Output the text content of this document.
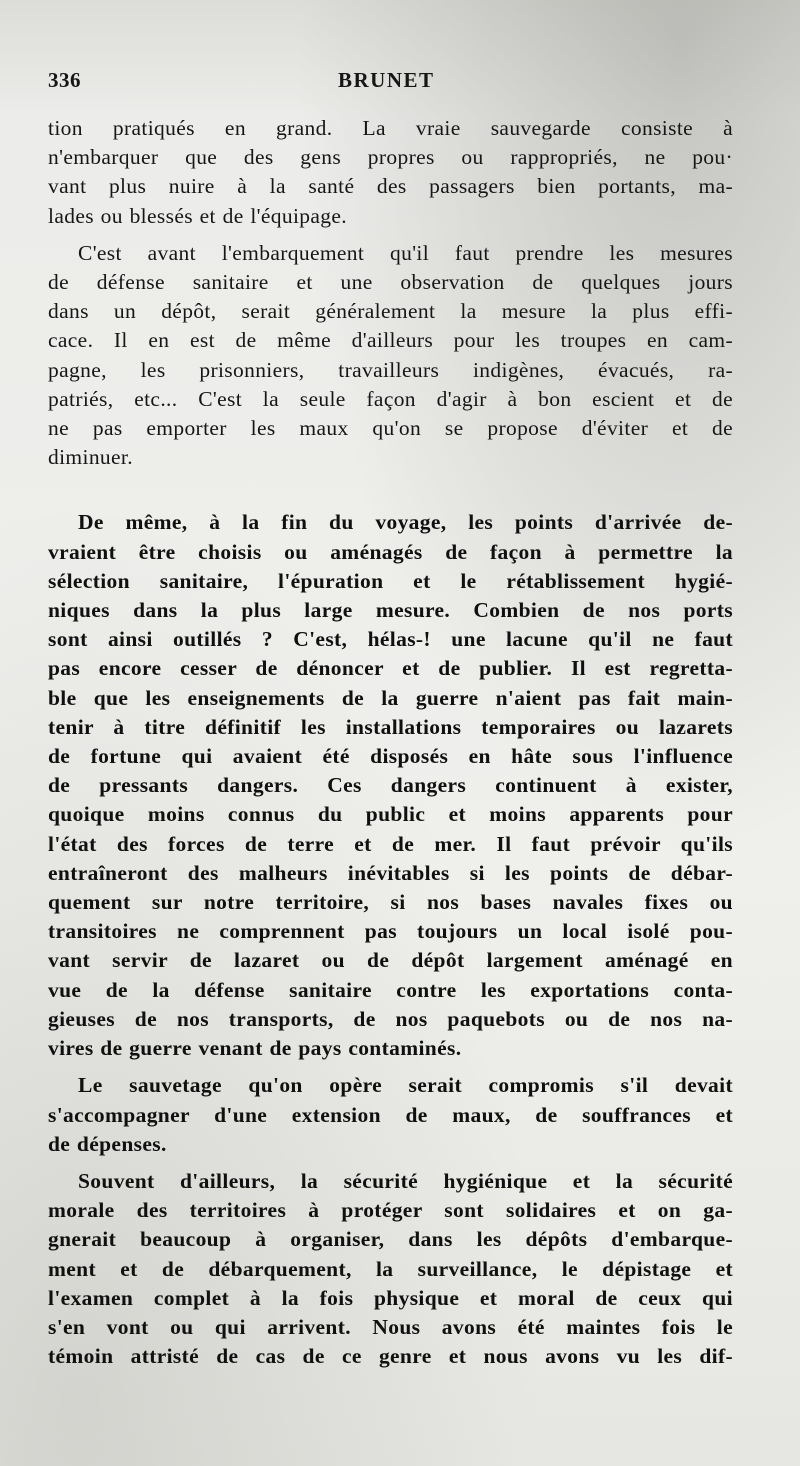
336	BRUNET

tion pratiqués en grand. La vraie sauvegarde consiste à
n'embarquer que des gens propres ou rappropriés, ne pou·
vant plus nuire à la santé des passagers bien portants, ma-
lades ou blessés et de l'équipage.

C'est avant l'embarquement qu'il faut prendre les mesures
de défense sanitaire et une observation de quelques jours
dans un dépôt, serait généralement la mesure la plus effi-
cace. Il en est de même d'ailleurs pour les troupes en cam-
pagne, les prisonniers, travailleurs indigènes, évacués, ra-
patriés, etc... C'est la seule façon d'agir à bon escient et de
ne pas emporter les maux qu'on se propose d'éviter et de
diminuer.

De même, à la fin du voyage, les points d'arrivée de-
vraient être choisis ou aménagés de façon à permettre la
sélection sanitaire, l'épuration et le rétablissement hygié-
niques dans la plus large mesure. Combien de nos ports
sont ainsi outillés ? C'est, hélas-! une lacune qu'il ne faut
pas encore cesser de dénoncer et de publier. Il est regretta-
ble que les enseignements de la guerre n'aient pas fait main-
tenir à titre définitif les installations temporaires ou lazarets
de fortune qui avaient été disposés en hâte sous l'influence
de pressants dangers. Ces dangers continuent à exister,
quoique moins connus du public et moins apparents pour
l'état des forces de terre et de mer. Il faut prévoir qu'ils
entraîneront des malheurs inévitables si les points de débar-
quement sur notre territoire, si nos bases navales fixes ou
transitoires ne comprennent pas toujours un local isolé pou-
vant servir de lazaret ou de dépôt largement aménagé en
vue de la défense sanitaire contre les exportations conta-
gieuses de nos transports, de nos paquebots ou de nos na-
vires de guerre venant de pays contaminés.

Le sauvetage qu'on opère serait compromis s'il devait
s'accompagner d'une extension de maux, de souffrances et
de dépenses.

Souvent d'ailleurs, la sécurité hygiénique et la sécurité
morale des territoires à protéger sont solidaires et on ga-
gnerait beaucoup à organiser, dans les dépôts d'embarque-
ment et de débarquement, la surveillance, le dépistage et
l'examen complet à la fois physique et moral de ceux qui
s'en vont ou qui arrivent. Nous avons été maintes fois le
témoin attristé de cas de ce genre et nous avons vu les dif-
